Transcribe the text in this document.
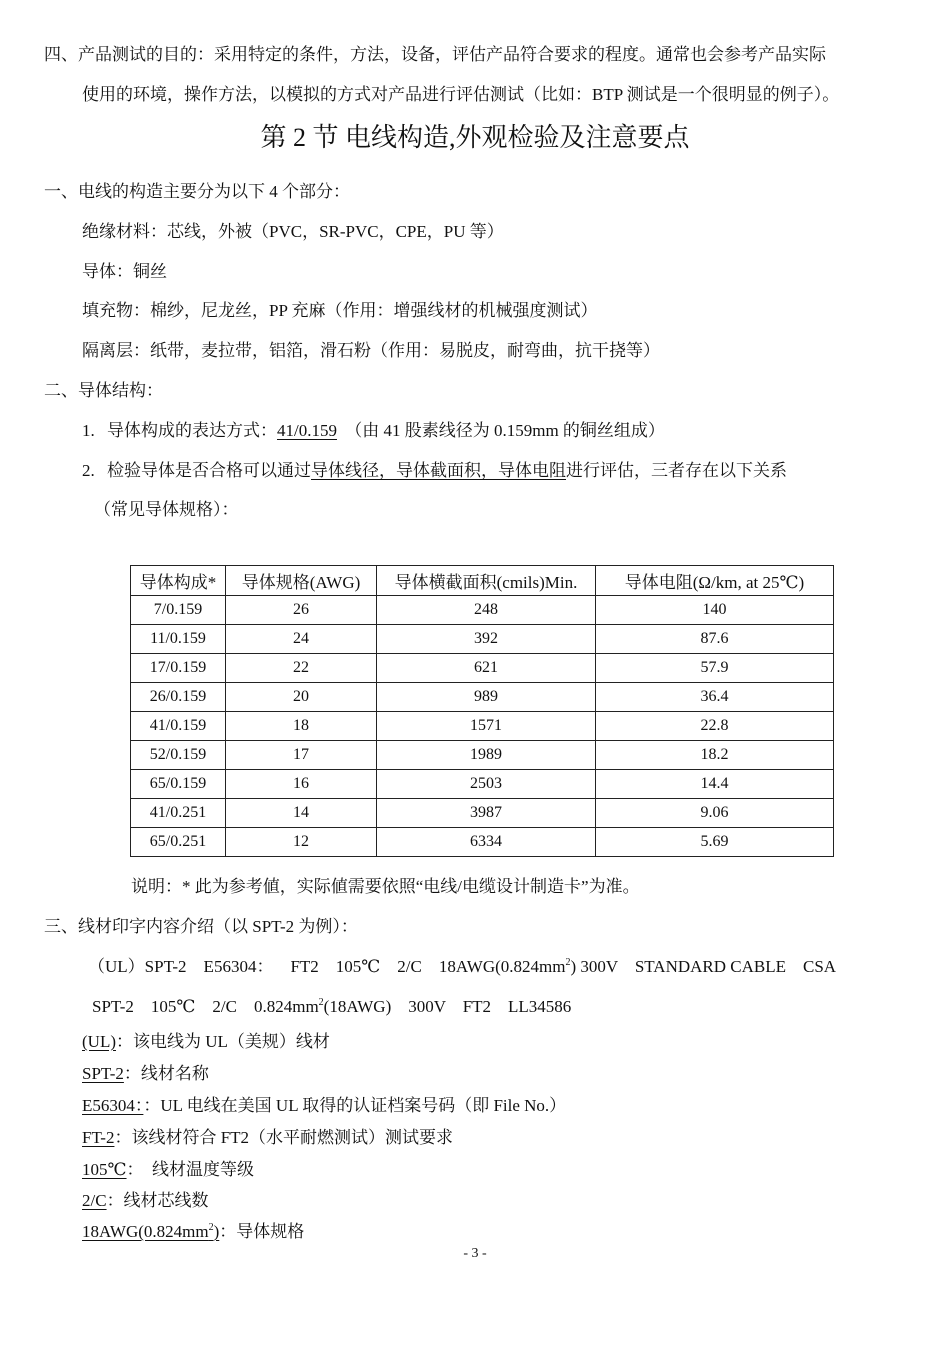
四、产品测试的目的：采用特定的条件，方法，设备，评估产品符合要求的程度。通常也会参考产品实际
使用的环境，操作方法，以模拟的方式对产品进行评估测试（比如：BTP 测试是一个很明显的例子）。
第 2 节 电线构造,外观检验及注意要点
一、电线的构造主要分为以下 4 个部分：
绝缘材料：芯线，外被（PVC，SR-PVC，CPE，PU 等）
导体：铜丝
填充物：棉纱，尼龙丝，PP 充麻（作用：增强线材的机械强度测试）
隔离层：纸带，麦拉带，铝箔，滑石粉（作用：易脱皮，耐弯曲，抗干挠等）
二、导体结构：
1. 导体构成的表达方式：41/0.159 （由 41 股素线径为 0.159mm 的铜丝组成）
2. 检验导体是否合格可以通过导体线径，导体截面积，导体电阻进行评估，三者存在以下关系
（常见导体规格）：
导体构成*	导体规格(AWG)	导体横截面积(cmils)Min.	导体电阻(Ω/km, at 25℃)
7/0.159	26	248	140
11/0.159	24	392	87.6
17/0.159	22	621	57.9
26/0.159	20	989	36.4
41/0.159	18	1571	22.8
52/0.159	17	1989	18.2
65/0.159	16	2503	14.4
41/0.251	14	3987	9.06
65/0.251	12	6334	5.69
说明：* 此为参考値，实际値需要依照“电线/电缆设计制造卡”为准。
三、线材印字内容介绍（以 SPT-2 为例）：
（UL）SPT-2    E56304：    FT2    105℃    2/C    $18AWG(0.824mm^2)$ 300V    STANDARD CABLE    CSA
SPT-2    105℃    2/C    $0.824mm^2(18AWG)$    300V    FT2    LL34586
(UL)：该电线为 UL（美规）线材
SPT-2：线材名称
E56304：：UL 电线在美国 UL 取得的认证档案号码（即 File No.）
FT-2：该线材符合 FT2（水平耐燃测试）测试要求
105℃：  线材温度等级
2/C：线材芯线数
$18AWG(0.824mm^2)$：导体规格
- 3 -
